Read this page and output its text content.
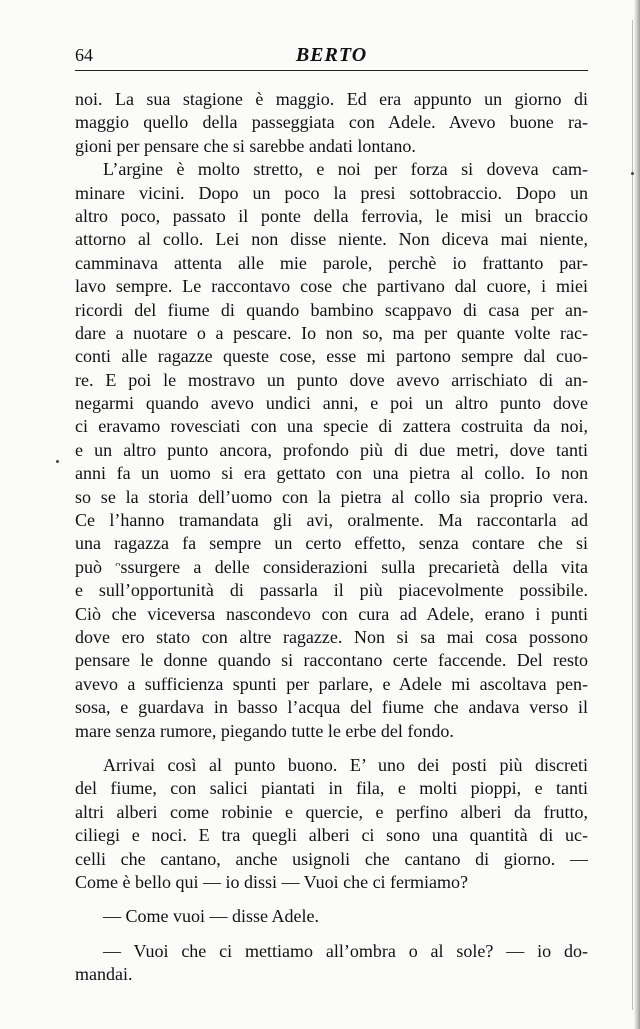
64	BERTO
noi. La sua stagione è maggio. Ed era appunto un giorno di
maggio quello della passeggiata con Adele. Avevo buone ra-
gioni per pensare che si sarebbe andati lontano.
L’argine è molto stretto, e noi per forza si doveva cam-
minare vicini. Dopo un poco la presi sottobraccio. Dopo un
altro poco, passato il ponte della ferrovia, le misi un braccio
attorno al collo. Lei non disse niente. Non diceva mai niente,
camminava attenta alle mie parole, perchè io frattanto par-
lavo sempre. Le raccontavo cose che partivano dal cuore, i miei
ricordi del fiume di quando bambino scappavo di casa per an-
dare a nuotare o a pescare. Io non so, ma per quante volte rac-
conti alle ragazze queste cose, esse mi partono sempre dal cuo-
re. E poi le mostravo un punto dove avevo arrischiato di an-
negarmi quando avevo undici anni, e poi un altro punto dove
ci eravamo rovesciati con una specie di zattera costruita da noi,
e un altro punto ancora, profondo più di due metri, dove tanti
anni fa un uomo si era gettato con una pietra al collo. Io non
so se la storia dell’uomo con la pietra al collo sia proprio vera.
Ce l’hanno tramandata gli avi, oralmente. Ma raccontarla ad
una ragazza fa sempre un certo effetto, senza contare che si
può ᵔssurgere a delle considerazioni sulla precarietà della vita
e sull’opportunità di passarla il più piacevolmente possibile.
Ciò che viceversa nascondevo con cura ad Adele, erano i punti
dove ero stato con altre ragazze. Non si sa mai cosa possono
pensare le donne quando si raccontano certe faccende. Del resto
avevo a sufficienza spunti per parlare, e Adele mi ascoltava pen-
sosa, e guardava in basso l’acqua del fiume che andava verso il
mare senza rumore, piegando tutte le erbe del fondo.
Arrivai così al punto buono. E’ uno dei posti più discreti
del fiume, con salici piantati in fila, e molti pioppi, e tanti
altri alberi come robinie e quercie, e perfino alberi da frutto,
ciliegi e noci. E tra quegli alberi ci sono una quantità di uc-
celli che cantano, anche usignoli che cantano di giorno. —
Come è bello qui — io dissi — Vuoi che ci fermiamo?
— Come vuoi — disse Adele.
— Vuoi che ci mettiamo all’ombra o al sole? — io do-
mandai.
